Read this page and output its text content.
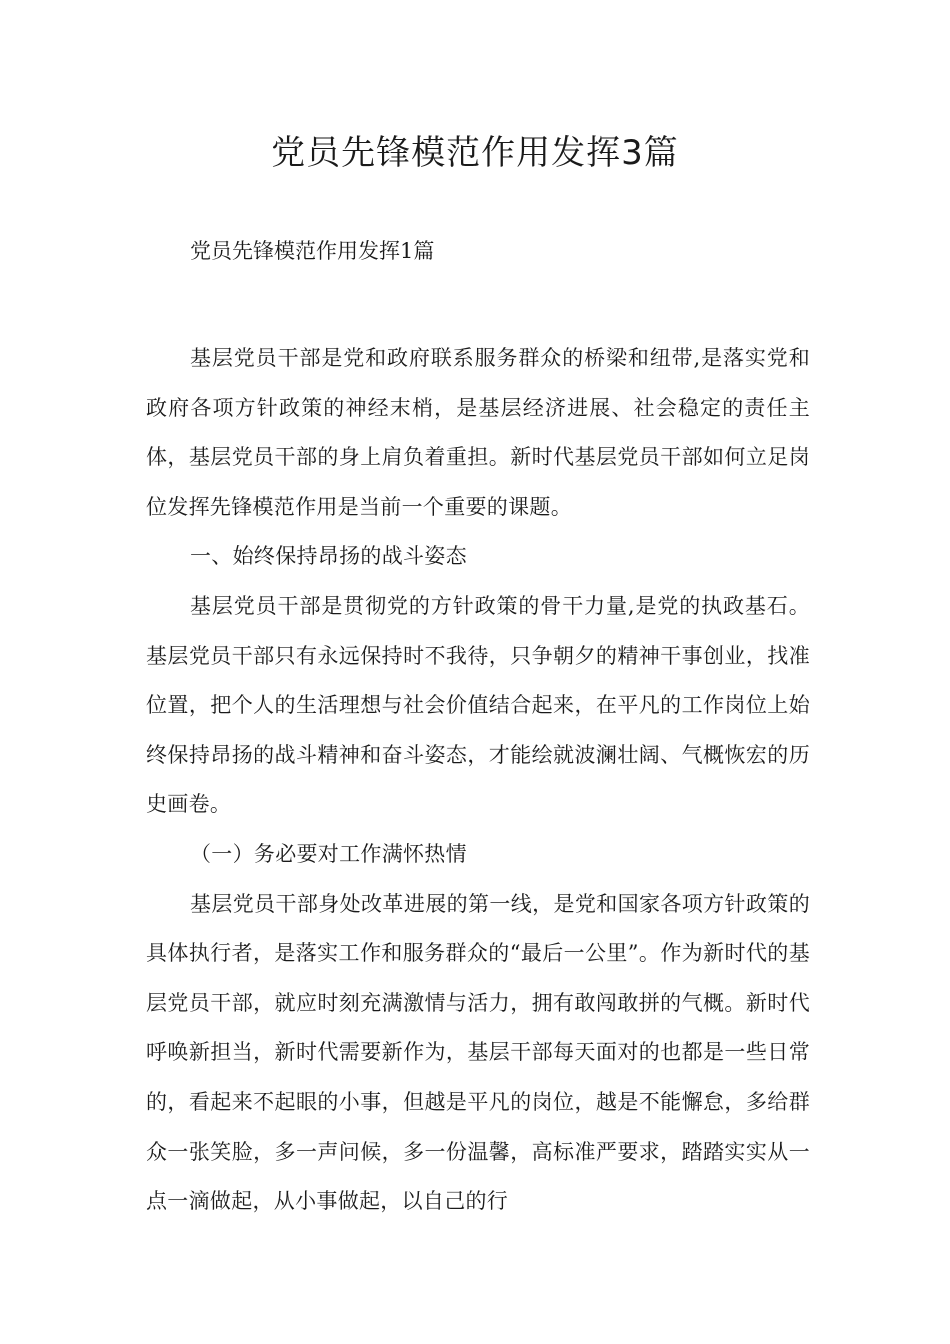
党员先锋模范作用发挥3篇

党员先锋模范作用发挥1篇

基层党员干部是党和政府联系服务群众的桥梁和纽带,是落实党和政府各项方针政策的神经末梢，是基层经济进展、社会稳定的责任主体，基层党员干部的身上肩负着重担。新时代基层党员干部如何立足岗位发挥先锋模范作用是当前一个重要的课题。

一、始终保持昂扬的战斗姿态

基层党员干部是贯彻党的方针政策的骨干力量,是党的执政基石。基层党员干部只有永远保持时不我待，只争朝夕的精神干事创业，找准位置，把个人的生活理想与社会价值结合起来，在平凡的工作岗位上始终保持昂扬的战斗精神和奋斗姿态，才能绘就波澜壮阔、气概恢宏的历史画卷。

（一）务必要对工作满怀热情

基层党员干部身处改革进展的第一线，是党和国家各项方针政策的具体执行者，是落实工作和服务群众的“最后一公里”。作为新时代的基层党员干部，就应时刻充满激情与活力，拥有敢闯敢拼的气概。新时代呼唤新担当，新时代需要新作为，基层干部每天面对的也都是一些日常的，看起来不起眼的小事，但越是平凡的岗位，越是不能懈怠，多给群众一张笑脸，多一声问候，多一份温馨，高标准严要求，踏踏实实从一点一滴做起，从小事做起，以自己的行
